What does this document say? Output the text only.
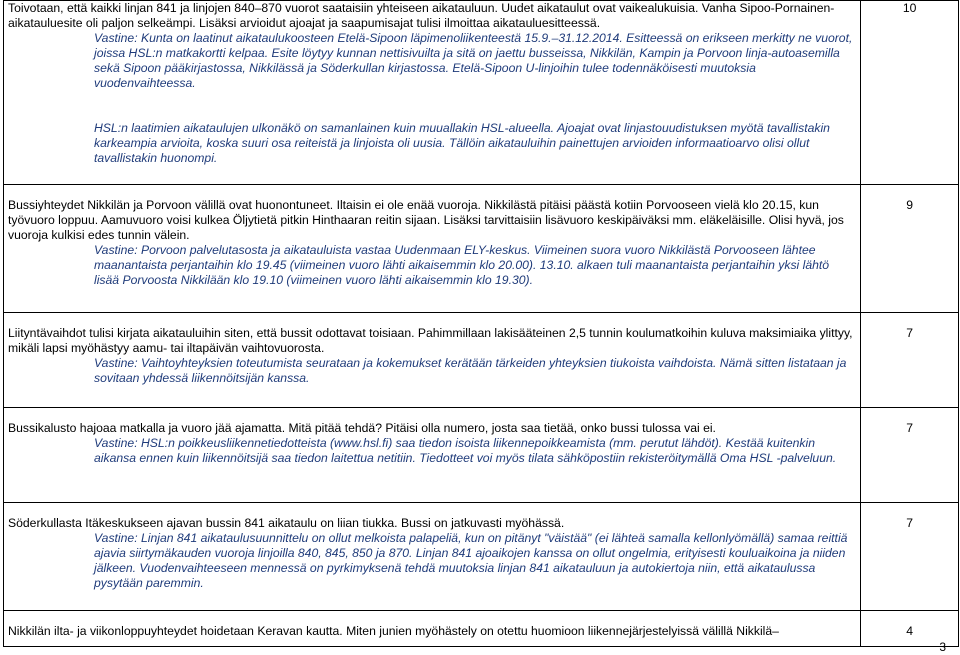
Toivotaan, että kaikki linjan 841 ja linjojen 840–870 vuorot saataisiin yhteiseen aikatauluun. Uudet aikataulut ovat vaikealukuisia. Vanha Sipoo-Pornainen-aikatauluesite oli paljon selkeämpi. Lisäksi arvioidut ajoajat ja saapumisajat tulisi ilmoittaa aikatauluesitteessä.
Vastine: Kunta on laatinut aikataulukoosteen Etelä-Sipoon läpimenoliikenteestä 15.9.–31.12.2014. Esitteessä on erikseen merkitty ne vuorot, joissa HSL:n matkakortti kelpaa. Esite löytyy kunnan nettisivuilta ja sitä on jaettu busseissa, Nikkilän, Kampin ja Porvoon linja-autoasemilla sekä Sipoon pääkirjastossa, Nikkilässä ja Söderkullan kirjastossa. Etelä-Sipoon U-linjoihin tulee todennäköisesti muutoksia vuodenvaihteessa.
HSL:n laatimien aikataulujen ulkonäkö on samanlainen kuin muuallakin HSL-alueella. Ajoajat ovat linjastouudistuksen myötä tavallistakin karkeampia arvioita, koska suuri osa reiteistä ja linjoista oli uusia. Tällöin aikatauluihin painettujen arvioiden informaatioarvo olisi ollut tavallistakin huonompi.	10

Bussiyhteydet Nikkilän ja Porvoon välillä ovat huonontuneet. Iltaisin ei ole enää vuoroja. Nikkilästä pitäisi päästä kotiin Porvooseen vielä klo 20.15, kun työvuoro loppuu. Aamuvuoro voisi kulkea Öljytietä pitkin Hinthaaran reitin sijaan. Lisäksi tarvittaisiin lisävuoro keskipäiväksi mm. eläkeläisille. Olisi hyvä, jos vuoroja kulkisi edes tunnin välein.
Vastine: Porvoon palvelutasosta ja aikatauluista vastaa Uudenmaan ELY-keskus. Viimeinen suora vuoro Nikkilästä Porvooseen lähtee maanantaista perjantaihin klo 19.45 (viimeinen vuoro lähti aikaisemmin klo 20.00). 13.10. alkaen tuli maanantaista perjantaihin yksi lähtö lisää Porvoosta Nikkilään klo 19.10 (viimeinen vuoro lähti aikaisemmin klo 19.30).	9

Liityntävaihdot tulisi kirjata aikatauluihin siten, että bussit odottavat toisiaan. Pahimmillaan lakisääteinen 2,5 tunnin koulumatkoihin kuluva maksimiaika ylittyy, mikäli lapsi myöhästyy aamu- tai iltapäivän vaihtovuorosta.
Vastine: Vaihtoyhteyksien toteutumista seurataan ja kokemukset kerätään tärkeiden yhteyksien tiukoista vaihdoista. Nämä sitten listataan ja sovitaan yhdessä liikennöitsijän kanssa.	7

Bussikalusto hajoaa matkalla ja vuoro jää ajamatta. Mitä pitää tehdä? Pitäisi olla numero, josta saa tietää, onko bussi tulossa vai ei.
Vastine: HSL:n poikkeusliikennetiedotteista (www.hsl.fi) saa tiedon isoista liikennepoikkeamista (mm. perutut lähdöt). Kestää kuitenkin aikansa ennen kuin liikennöitsijä saa tiedon laitettua netitiin. Tiedotteet voi myös tilata sähköpostiin rekisteröitymällä Oma HSL -palveluun.	7

Söderkullasta Itäkeskukseen ajavan bussin 841 aikataulu on liian tiukka. Bussi on jatkuvasti myöhässä.
Vastine: Linjan 841 aikataulusuunnittelu on ollut melkoista palapeliä, kun on pitänyt "väistää" (ei lähteä samalla kellonlyömällä) samaa reittiä ajavia siirtymäkauden vuoroja linjoilla 840, 845, 850 ja 870. Linjan 841 ajoaikojen kanssa on ollut ongelmia, erityisesti kouluaikoina ja niiden jälkeen. Vuodenvaihteeseen mennessä on pyrkimyksenä tehdä muutoksia linjan 841 aikatauluun ja autokiertoja niin, että aikataulussa pysytään paremmin.	7

Nikkilän ilta- ja viikonloppuyhteydet hoidetaan Keravan kautta. Miten junien myöhästely on otettu huomioon liikennejärjestelyissä välillä Nikkilä–	4
3
